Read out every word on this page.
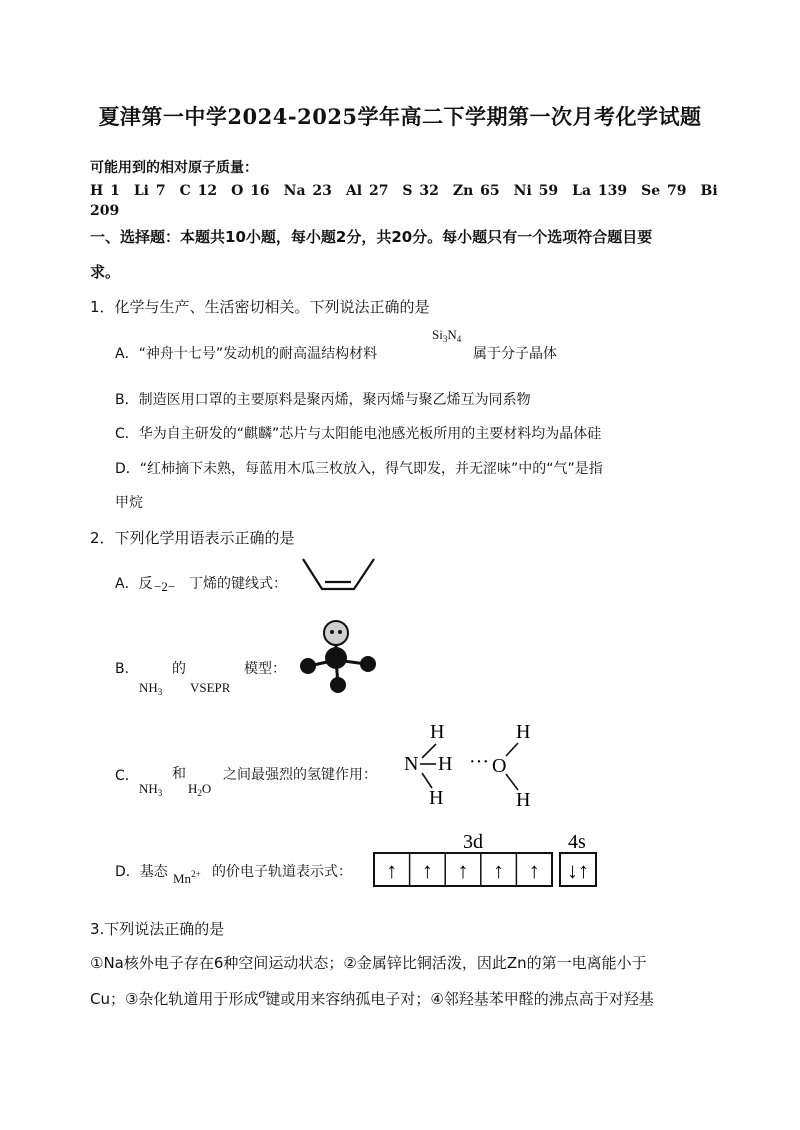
夏津第一中学2024-2025学年高二下学期第一次月考化学试题
可能用到的相对原子质量：
H 1　Li 7　C 12　O 16　Na 23　Al 27　S 32　Zn 65　Ni 59　La 139　Se 79　Bi
209
一、选择题：本题共10小题，每小题2分，共20分。每小题只有一个选项符合题目要
求。
1．化学与生产、生活密切相关。下列说法正确的是
A．“神舟十七号”发动机的耐高温结构材料
$Si_3N_4$
属于分子晶体
B．制造医用口罩的主要原料是聚丙烯，聚丙烯与聚乙烯互为同系物
C．华为自主研发的“麒麟”芯片与太阳能电池感光板所用的主要材料均为晶体硅
D．“红柿摘下未熟，每蓝用木瓜三枚放入，得气即发，并无涩味”中的“气”是指
甲烷
2．下列化学用语表示正确的是
A．反 −2− 丁烯的键线式：
B． 的	模型：
$NH_3$ VSEPR
C． 和	之间最强烈的氢键作用：
$NH_3$ $H_2O$
H
N H ··· O
H
H
H
D．基态	的价电子轨道表示式：
$Mn^{2+}$
3d	4s
↑ ↑ ↑ ↑ ↑ ↓↑
3.下列说法正确的是
①Na核外电子存在6种空间运动状态；②金属锌比铜活泼，因此Zn的第一电离能小于
Cu；③杂化轨道用于形成σ键或用来容纳孤电子对；④邻羟基苯甲醛的沸点高于对羟基
